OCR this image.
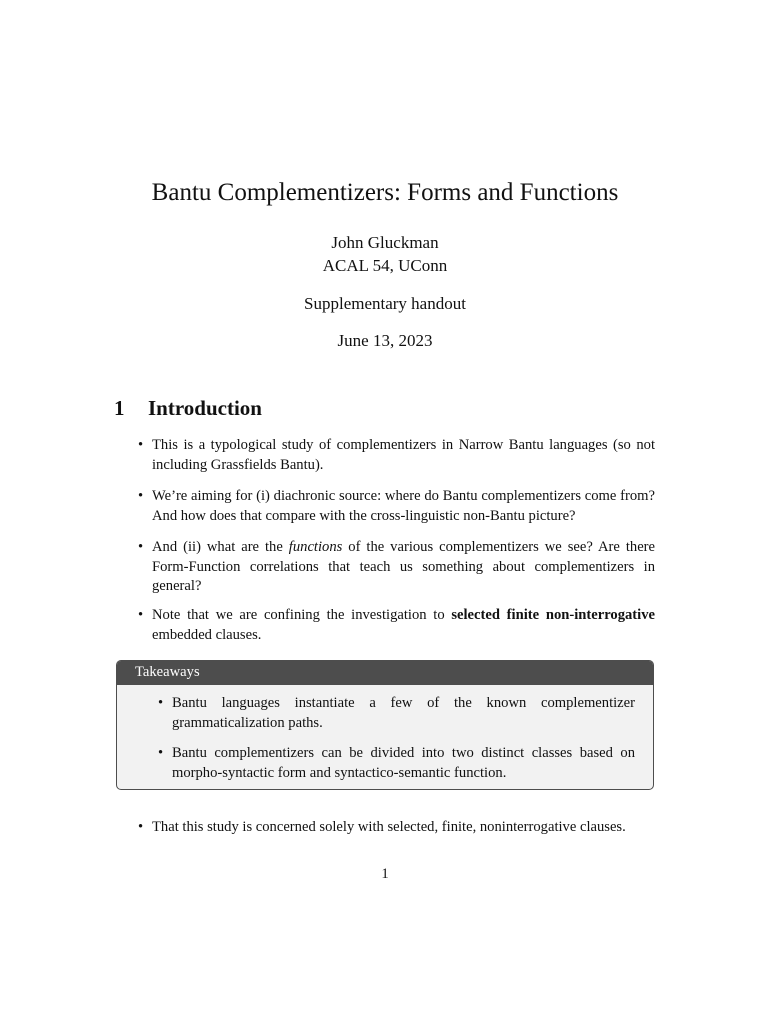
Bantu Complementizers: Forms and Functions
John Gluckman
ACAL 54, UConn
Supplementary handout
June 13, 2023
1 Introduction
• This is a typological study of complementizers in Narrow Bantu languages (so not including Grassfields Bantu).
• We’re aiming for (i) diachronic source: where do Bantu complementizers come from? And how does that compare with the cross-linguistic non-Bantu picture?
• And (ii) what are the functions of the various complementizers we see? Are there Form-Function correlations that teach us something about complementizers in general?
• Note that we are confining the investigation to selected finite non-interrogative embedded clauses.
Takeaways
• Bantu languages instantiate a few of the known complementizer grammaticalization paths.
• Bantu complementizers can be divided into two distinct classes based on morpho-syntactic form and syntactico-semantic function.
• That this study is concerned solely with selected, finite, noninterrogative clauses.
1
